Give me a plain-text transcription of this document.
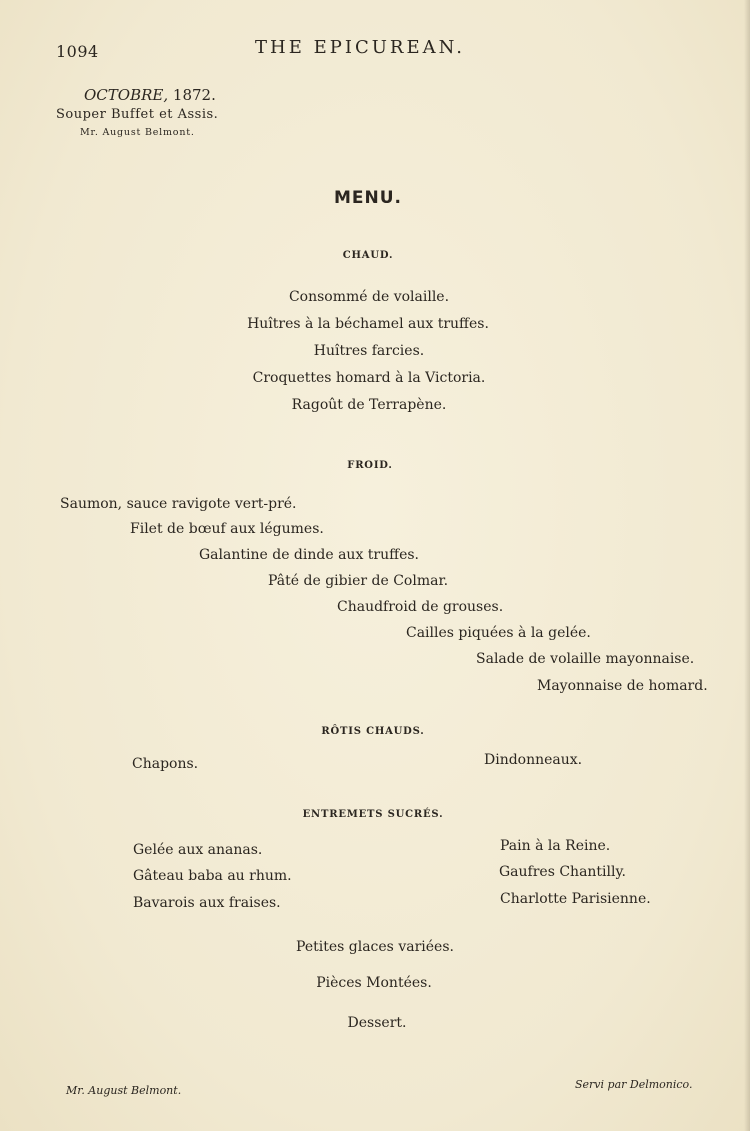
1094	THE EPICUREAN.
OCTOBRE, 1872.
Souper Buffet et Assis.
Mr. August Belmont.
MENU.
CHAUD.
Consommé de volaille.
Huîtres à la béchamel aux truffes.
Huîtres farcies.
Croquettes homard à la Victoria.
Ragoût de Terrapène.
FROID.
Saumon, sauce ravigote vert-pré.
Filet de bœuf aux légumes.
Galantine de dinde aux truffes.
Pâté de gibier de Colmar.
Chaudfroid de grouses.
Cailles piquées à la gelée.
Salade de volaille mayonnaise.
Mayonnaise de homard.
RÔTIS CHAUDS.
Chapons.	Dindonneaux.
ENTREMETS SUCRÉS.
Gelée aux ananas.
Gâteau baba au rhum.
Bavarois aux fraises.
Pain à la Reine.
Gaufres Chantilly.
Charlotte Parisienne.
Petites glaces variées.
Pièces Montées.
Dessert.
Mr. August Belmont.	Servi par Delmonico.
